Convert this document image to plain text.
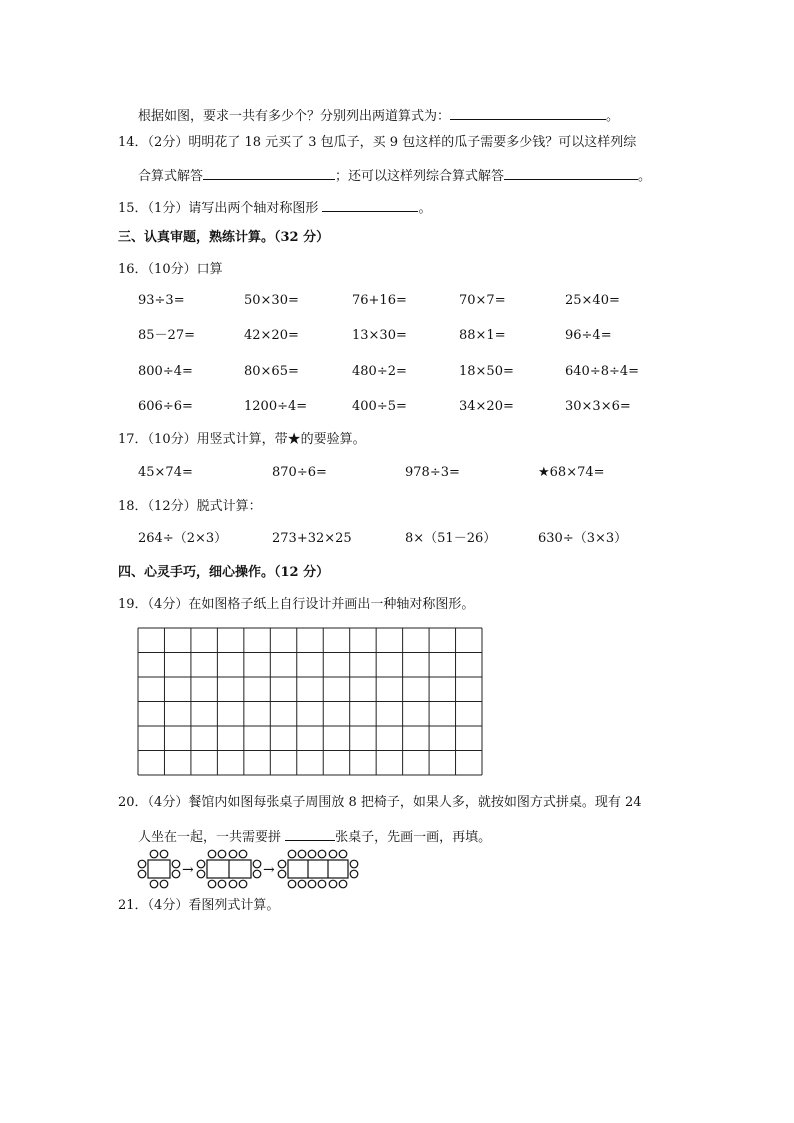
根据如图，要求一共有多少个？分别列出两道算式为：	。
14．（2分）明明花了 18 元买了 3 包瓜子，买 9 包这样的瓜子需要多少钱？可以这样列综
合算式解答	；还可以这样列综合算式解答	。
15．（1分）请写出两个轴对称图形	。
三、认真审题，熟练计算。（32 分）
16．（10分）口算
93÷3=	50×30=	76+16=	70×7=	25×40=
85－27=	42×20=	13×30=	88×1=	96÷4=
800÷4=	80×65=	480÷2=	18×50=	640÷8÷4=
606÷6=	1200÷4=	400÷5=	34×20=	30×3×6=
17．（10分）用竖式计算，带★的要验算。
45×74=	870÷6=	978÷3=	★68×74=
18．（12分）脱式计算：
264÷（2×3）	273+32×25	8×（51－26）	630÷（3×3）
四、心灵手巧，细心操作。（12 分）
19．（4分）在如图格子纸上自行设计并画出一种轴对称图形。
20．（4分）餐馆内如图每张桌子周围放 8 把椅子，如果人多，就按如图方式拼桌。现有 24
人坐在一起，一共需要拼	张桌子，先画一画，再填。
→	→
21．（4分）看图列式计算。
